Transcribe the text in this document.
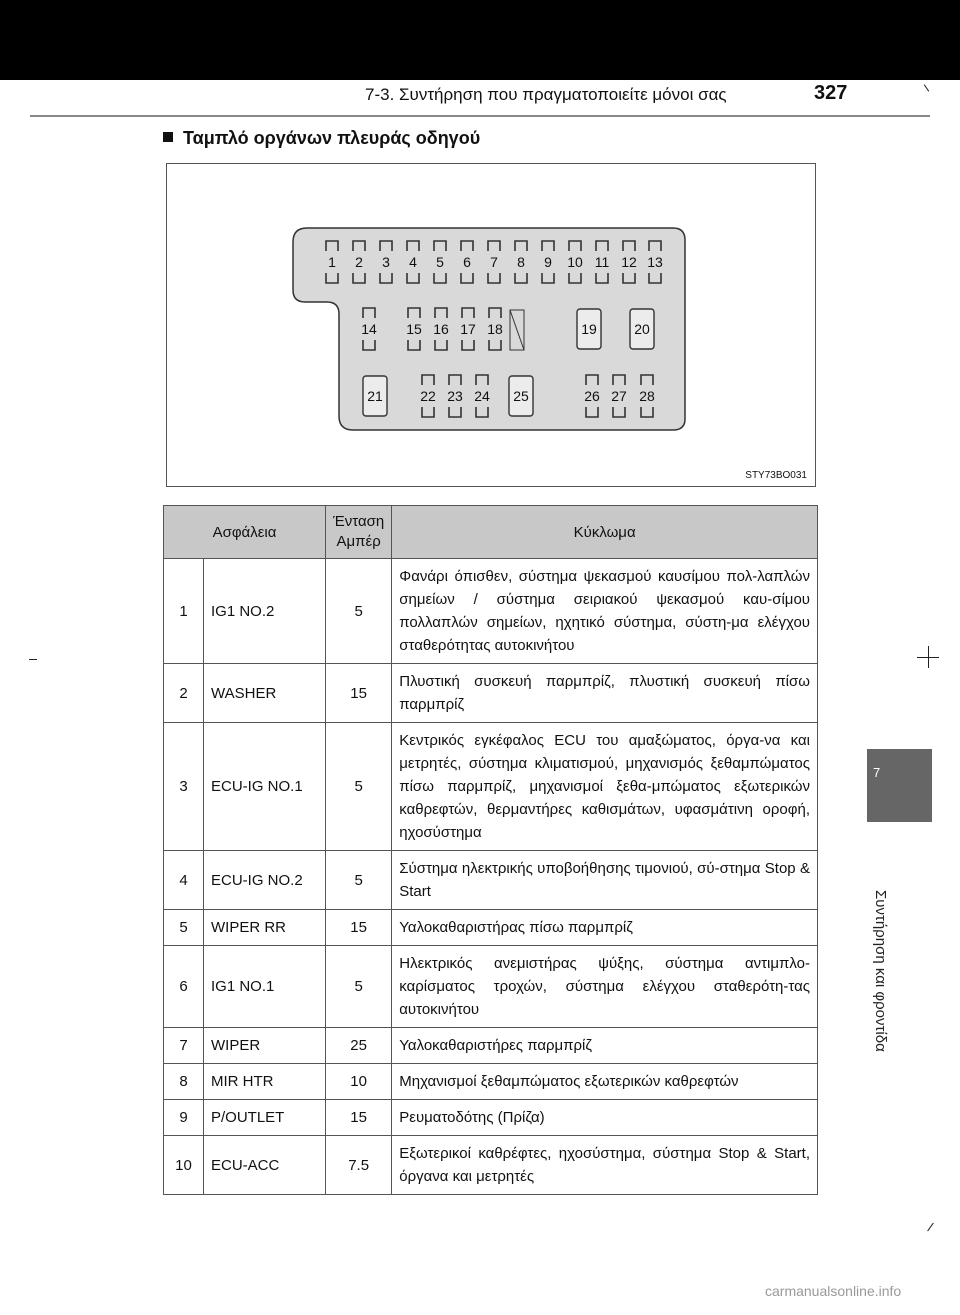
7-3. Συντήρηση που πραγματοποιείτε μόνοι σας	327
Ταμπλό οργάνων πλευράς οδηγού
1 2 3 4 5 6 7 8 9 10 11 12 13
14 15 16 17 18	19	20
21	22 23 24 25	26 27 28
STY73BO031
7
Συντήρηση και φροντίδα
Ασφάλεια		Ένταση Αμπέρ	Κύκλωμα
1	IG1 NO.2	5	Φανάρι όπισθεν, σύστημα ψεκασμού καυσίμου πολ-λαπλών σημείων / σύστημα σειριακού ψεκασμού καυ-σίμου πολλαπλών σημείων, ηχητικό σύστημα, σύστη-μα ελέγχου σταθερότητας αυτοκινήτου
2	WASHER	15	Πλυστική συσκευή παρμπρίζ, πλυστική συσκευή πίσω παρμπρίζ
3	ECU-IG NO.1	5	Κεντρικός εγκέφαλος ECU του αμαξώματος, όργα-να και μετρητές, σύστημα κλιματισμού, μηχανισμός ξεθαμπώματος πίσω παρμπρίζ, μηχανισμοί ξεθα-μπώματος εξωτερικών καθρεφτών, θερμαντήρες καθισμάτων, υφασμάτινη οροφή, ηχοσύστημα
4	ECU-IG NO.2	5	Σύστημα ηλεκτρικής υποβοήθησης τιμονιού, σύ-στημα Stop & Start
5	WIPER RR	15	Υαλοκαθαριστήρας πίσω παρμπρίζ
6	IG1 NO.1	5	Ηλεκτρικός ανεμιστήρας ψύξης, σύστημα αντιμπλο-καρίσματος τροχών, σύστημα ελέγχου σταθερότη-τας αυτοκινήτου
7	WIPER	25	Υαλοκαθαριστήρες παρμπρίζ
8	MIR HTR	10	Μηχανισμοί ξεθαμπώματος εξωτερικών καθρεφτών
9	P/OUTLET	15	Ρευματοδότης (Πρίζα)
10	ECU-ACC	7.5	Εξωτερικοί καθρέφτες, ηχοσύστημα, σύστημα Stop & Start, όργανα και μετρητές
carmanualsonline.info
